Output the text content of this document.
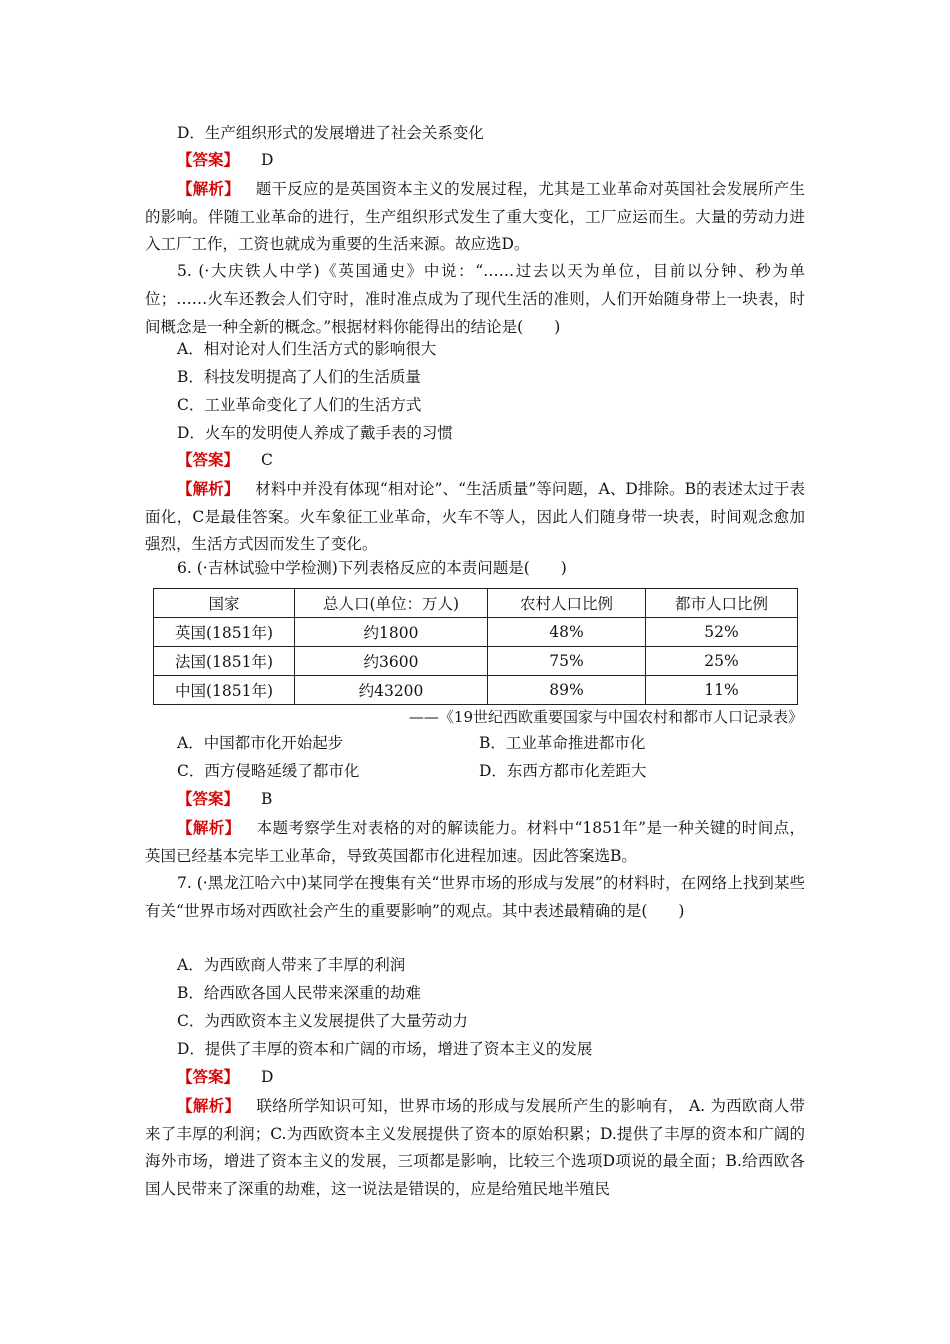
D．生产组织形式的发展增进了社会关系变化
【答案】 D
【解析】 题干反应的是英国资本主义的发展过程，尤其是工业革命对英国社会发展所产生的影响。伴随工业革命的进行，生产组织形式发生了重大变化，工厂应运而生。大量的劳动力进入工厂工作，工资也就成为重要的生活来源。故应选D。
5. (·大庆铁人中学)《英国通史》中说：“……过去以天为单位，目前以分钟、秒为单位；……火车还教会人们守时，准时准点成为了现代生活的准则，人们开始随身带上一块表，时间概念是一种全新的概念。”根据材料你能得出的结论是(　　)
A．相对论对人们生活方式的影响很大
B．科技发明提高了人们的生活质量
C．工业革命变化了人们的生活方式
D．火车的发明使人养成了戴手表的习惯
【答案】 C
【解析】 材料中并没有体现“相对论”、“生活质量”等问题，A、D排除。B的表述太过于表面化，C是最佳答案。火车象征工业革命，火车不等人，因此人们随身带一块表，时间观念愈加强烈，生活方式因而发生了变化。
6. (·吉林试验中学检测)下列表格反应的本责问题是(　　)
国家	总人口(单位：万人)	农村人口比例	都市人口比例
英国(1851年)	约1800	48%	52%
法国(1851年)	约3600	75%	25%
中国(1851年)	约43200	89%	11%
——《19世纪西欧重要国家与中国农村和都市人口记录表》
A．中国都市化开始起步	B．工业革命推进都市化
C．西方侵略延缓了都市化	D．东西方都市化差距大
【答案】 B
【解析】 本题考察学生对表格的对的解读能力。材料中“1851年”是一种关键的时间点，英国已经基本完毕工业革命，导致英国都市化进程加速。因此答案选B。
7. (·黑龙江哈六中)某同学在搜集有关“世界市场的形成与发展”的材料时，在网络上找到某些有关“世界市场对西欧社会产生的重要影响”的观点。其中表述最精确的是(　　)
A．为西欧商人带来了丰厚的利润
B．给西欧各国人民带来深重的劫难
C．为西欧资本主义发展提供了大量劳动力
D．提供了丰厚的资本和广阔的市场，增进了资本主义的发展
【答案】 D
【解析】 联络所学知识可知，世界市场的形成与发展所产生的影响有， A. 为西欧商人带来了丰厚的利润；C.为西欧资本主义发展提供了资本的原始积累；D.提供了丰厚的资本和广阔的海外市场，增进了资本主义的发展，三项都是影响，比较三个选项D项说的最全面；B.给西欧各国人民带来了深重的劫难，这一说法是错误的，应是给殖民地半殖民
